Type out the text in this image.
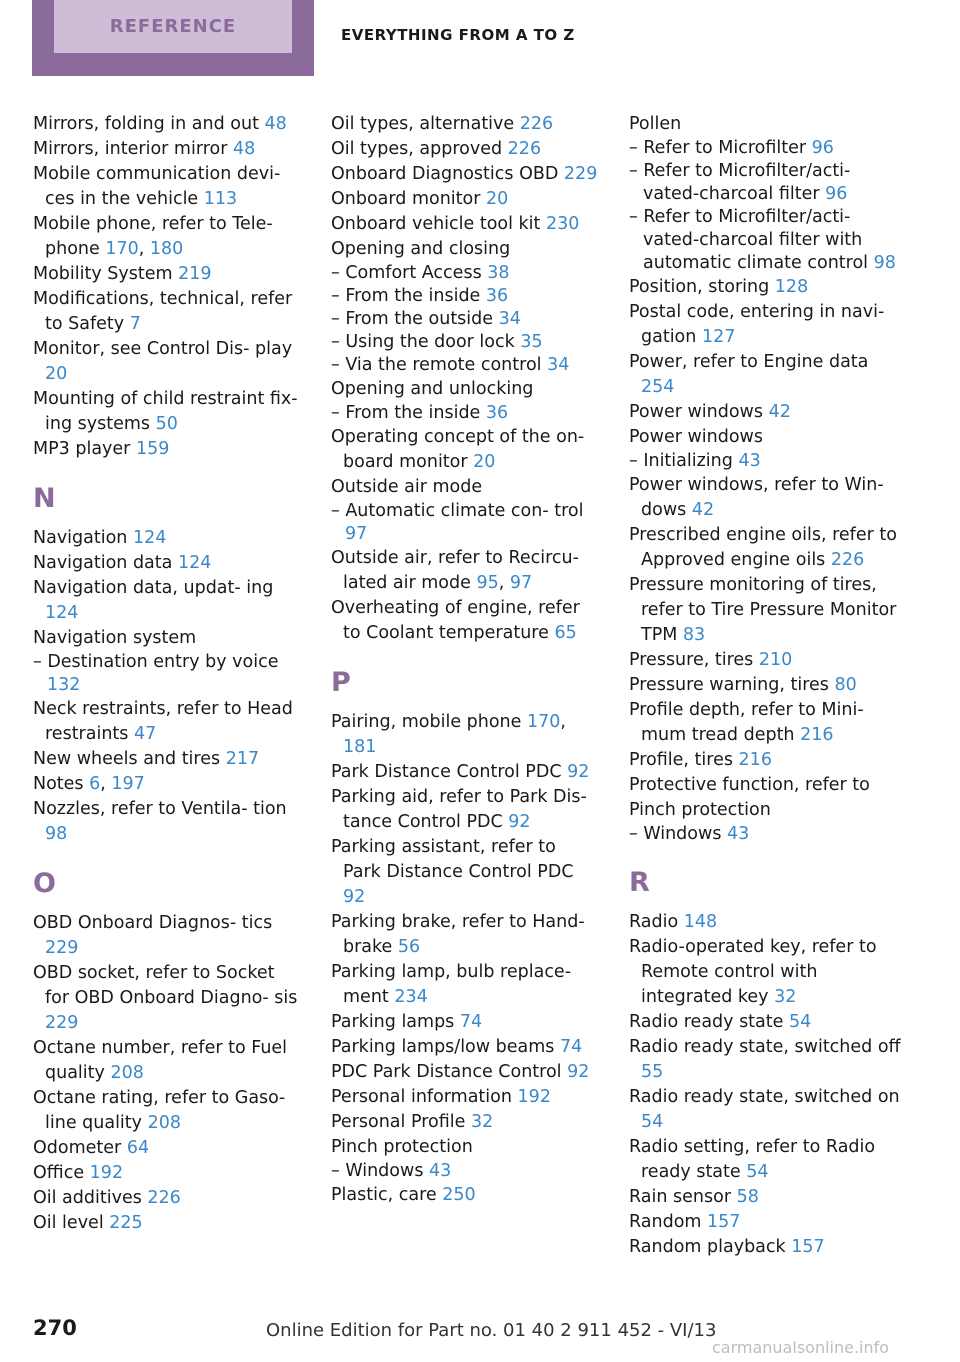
REFERENCE	EVERYTHING FROM A TO Z
Mirrors, folding in and out 48
Mirrors, interior mirror 48
Mobile communication devi‐ ces in the vehicle 113
Mobile phone, refer to Tele‐ phone 170, 180
Mobility System 219
Modifications, technical, refer to Safety 7
Monitor, see Control Dis‐ play 20
Mounting of child restraint fix‐ ing systems 50
MP3 player 159
N
Navigation 124
Navigation data 124
Navigation data, updat‐ ing 124
Navigation system
– Destination entry by voice 132
Neck restraints, refer to Head restraints 47
New wheels and tires 217
Notes 6, 197
Nozzles, refer to Ventila‐ tion 98
O
OBD Onboard Diagnos‐ tics 229
OBD socket, refer to Socket for OBD Onboard Diagno‐ sis 229
Octane number, refer to Fuel quality 208
Octane rating, refer to Gaso‐ line quality 208
Odometer 64
Office 192
Oil additives 226
Oil level 225
Oil types, alternative 226
Oil types, approved 226
Onboard Diagnostics OBD 229
Onboard monitor 20
Onboard vehicle tool kit 230
Opening and closing
– Comfort Access 38
– From the inside 36
– From the outside 34
– Using the door lock 35
– Via the remote control 34
Opening and unlocking
– From the inside 36
Operating concept of the on‐ board monitor 20
Outside air mode
– Automatic climate con‐ trol 97
Outside air, refer to Recircu‐ lated air mode 95, 97
Overheating of engine, refer to Coolant temperature 65
P
Pairing, mobile phone 170, 181
Park Distance Control PDC 92
Parking aid, refer to Park Dis‐ tance Control PDC 92
Parking assistant, refer to Park Distance Control PDC 92
Parking brake, refer to Hand‐ brake 56
Parking lamp, bulb replace‐ ment 234
Parking lamps 74
Parking lamps/low beams 74
PDC Park Distance Control 92
Personal information 192
Personal Profile 32
Pinch protection
– Windows 43
Plastic, care 250
Pollen
– Refer to Microfilter 96
– Refer to Microfilter/acti‐ vated-charcoal filter 96
– Refer to Microfilter/acti‐ vated-charcoal filter with automatic climate control 98
Position, storing 128
Postal code, entering in navi‐ gation 127
Power, refer to Engine data 254
Power windows 42
Power windows
– Initializing 43
Power windows, refer to Win‐ dows 42
Prescribed engine oils, refer to Approved engine oils 226
Pressure monitoring of tires, refer to Tire Pressure Monitor TPM 83
Pressure, tires 210
Pressure warning, tires 80
Profile depth, refer to Mini‐ mum tread depth 216
Profile, tires 216
Protective function, refer to
Pinch protection
– Windows 43
R
Radio 148
Radio-operated key, refer to Remote control with integrated key 32
Radio ready state 54
Radio ready state, switched off 55
Radio ready state, switched on 54
Radio setting, refer to Radio ready state 54
Rain sensor 58
Random 157
Random playback 157
270	Online Edition for Part no. 01 40 2 911 452 - VI/13
carmanualsonline.info
